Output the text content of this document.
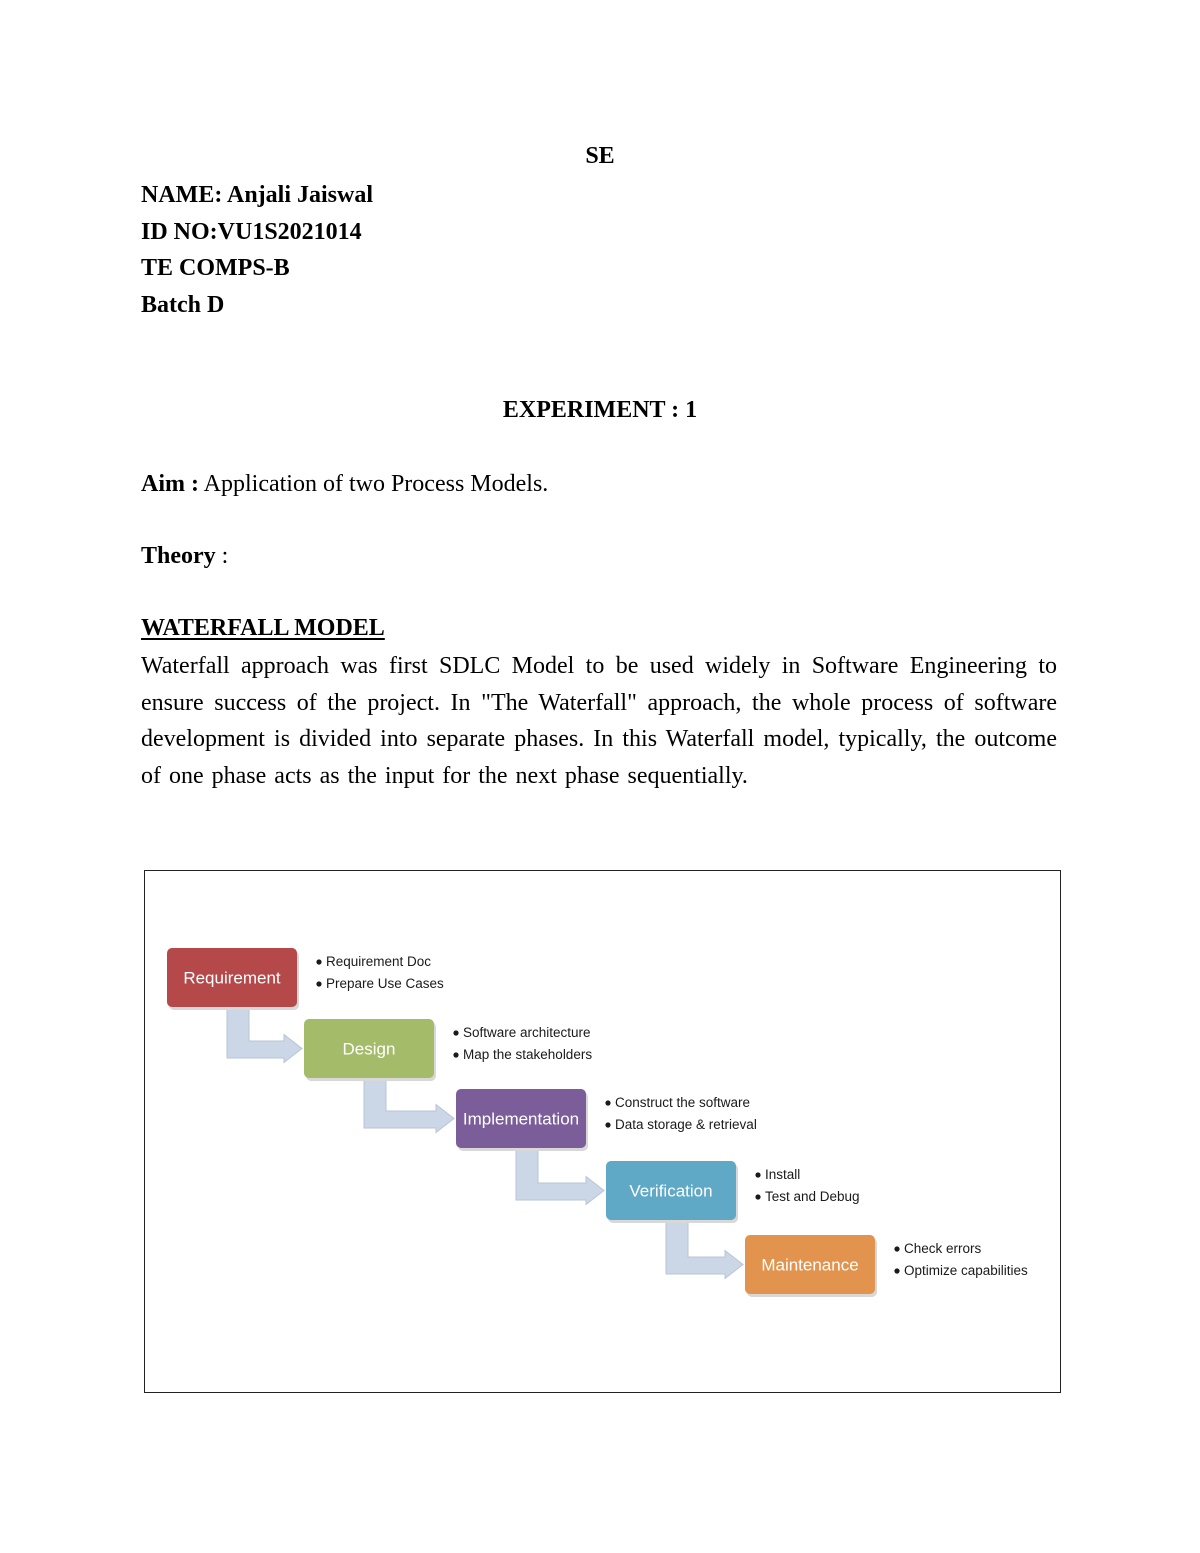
SE
NAME: Anjali Jaiswal
ID NO:VU1S2021014
TE COMPS-B
Batch D
EXPERIMENT : 1
Aim : Application of two Process Models.
Theory :
WATERFALL MODEL
Waterfall approach was first SDLC Model to be used widely in Software Engineering to ensure success of the project. In "The Waterfall" approach, the whole process of software development is divided into separate phases. In this Waterfall model, typically, the outcome of one phase acts as the input for the next phase sequentially.
Requirement
Requirement Doc
Prepare Use Cases
Design
Software architecture
Map the stakeholders
Implementation
Construct the software
Data storage & retrieval
Verification
Install
Test and Debug
Maintenance
Check errors
Optimize capabilities
